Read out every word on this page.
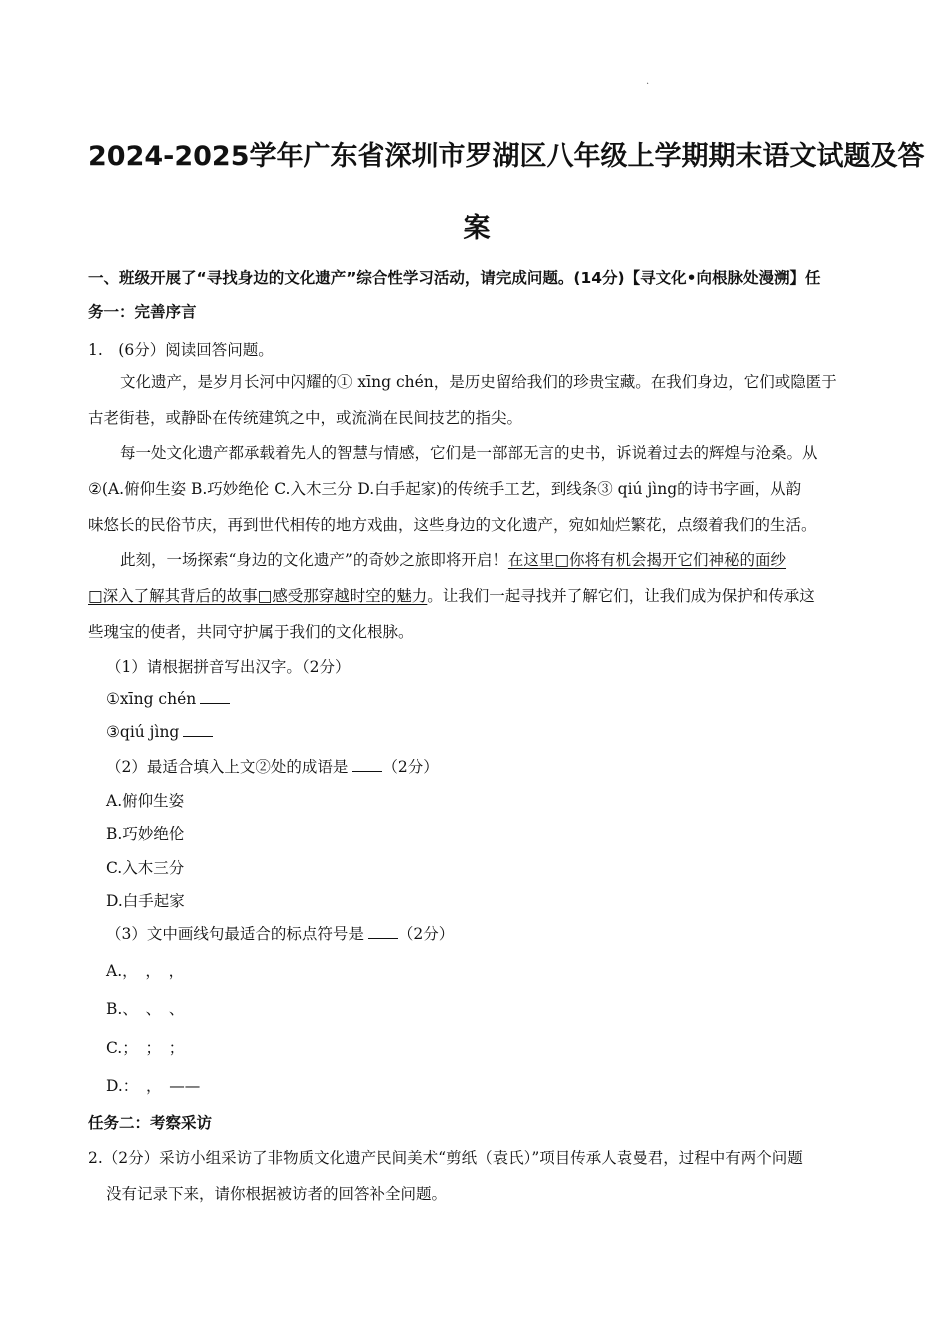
.
2024-2025学年广东省深圳市罗湖区八年级上学期期末语文试题及答
案
一、班级开展了“寻找身边的文化遗产”综合性学习活动，请完成问题。(14分)【寻文化•向根脉处漫溯】任
务一：完善序言
1.　(6分）阅读回答问题。
文化遗产，是岁月长河中闪耀的① xīng chén，是历史留给我们的珍贵宝藏。在我们身边，它们或隐匿于
古老街巷，或静卧在传统建筑之中，或流淌在民间技艺的指尖。
每一处文化遗产都承载着先人的智慧与情感，它们是一部部无言的史书，诉说着过去的辉煌与沧桑。从
②(A.俯仰生姿 B.巧妙绝伦 C.入木三分 D.白手起家)的传统手工艺，到线条③ qiú jìng的诗书字画，从韵
味悠长的民俗节庆，再到世代相传的地方戏曲，这些身边的文化遗产，宛如灿烂繁花，点缀着我们的生活。
此刻，一场探索“身边的文化遗产”的奇妙之旅即将开启！在这里□你将有机会揭开它们神秘的面纱
□深入了解其背后的故事□感受那穿越时空的魅力。让我们一起寻找并了解它们，让我们成为保护和传承这
些瑰宝的使者，共同守护属于我们的文化根脉。
（1）请根据拼音写出汉字。（2分）
①xīng chén
③qiú jìng
（2）最适合填入上文②处的成语是 （2分）
A.俯仰生姿
B.巧妙绝伦
C.入木三分
D.白手起家
（3）文中画线句最适合的标点符号是 （2分）
A.，　，　，
B.、　、　、
C.；　；　；
D.：　，　——
任务二：考察采访
2.（2分）采访小组采访了非物质文化遗产民间美术“剪纸（袁氏）”项目传承人袁曼君，过程中有两个问题
没有记录下来，请你根据被访者的回答补全问题。
